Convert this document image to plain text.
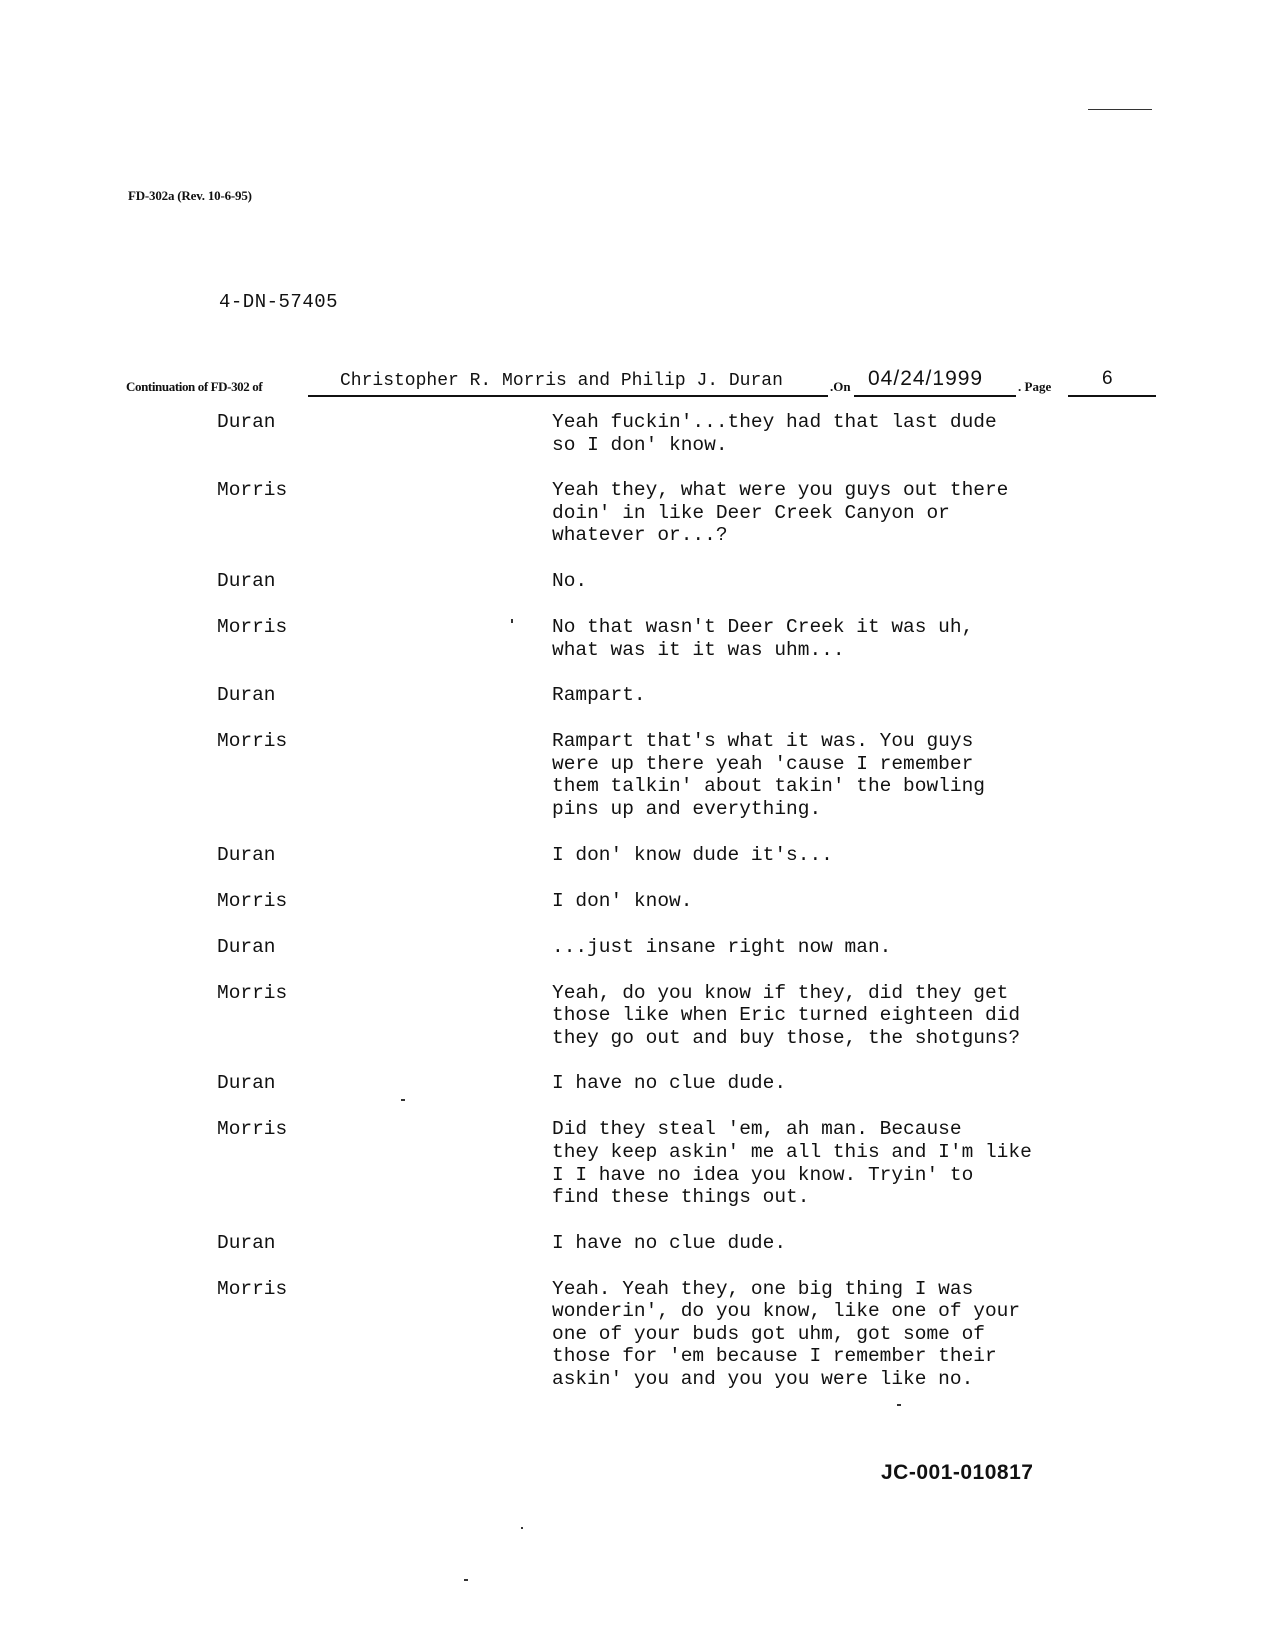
FD-302a (Rev. 10-6-95)
4-DN-57405
Continuation of FD-302 of	Christopher R. Morris and Philip J. Duran	.On 04/24/1999	. Page	6
Duran	Yeah fuckin'...they had that last dude
so I don' know.
Morris	Yeah they, what were you guys out there
doin' in like Deer Creek Canyon or
whatever or...?
Duran	No.
Morris	No that wasn't Deer Creek it was uh,
what was it it was uhm...
Duran	Rampart.
Morris	Rampart that's what it was. You guys
were up there yeah 'cause I remember
them talkin' about takin' the bowling
pins up and everything.
Duran	I don' know dude it's...
Morris	I don' know.
Duran	...just insane right now man.
Morris	Yeah, do you know if they, did they get
those like when Eric turned eighteen did
they go out and buy those, the shotguns?
Duran	I have no clue dude.
Morris	Did they steal 'em, ah man. Because
they keep askin' me all this and I'm like
I I have no idea you know. Tryin' to
find these things out.
Duran	I have no clue dude.
Morris	Yeah. Yeah they, one big thing I was
wonderin', do you know, like one of your
one of your buds got uhm, got some of
those for 'em because I remember their
askin' you and you you were like no.
JC-001-010817
